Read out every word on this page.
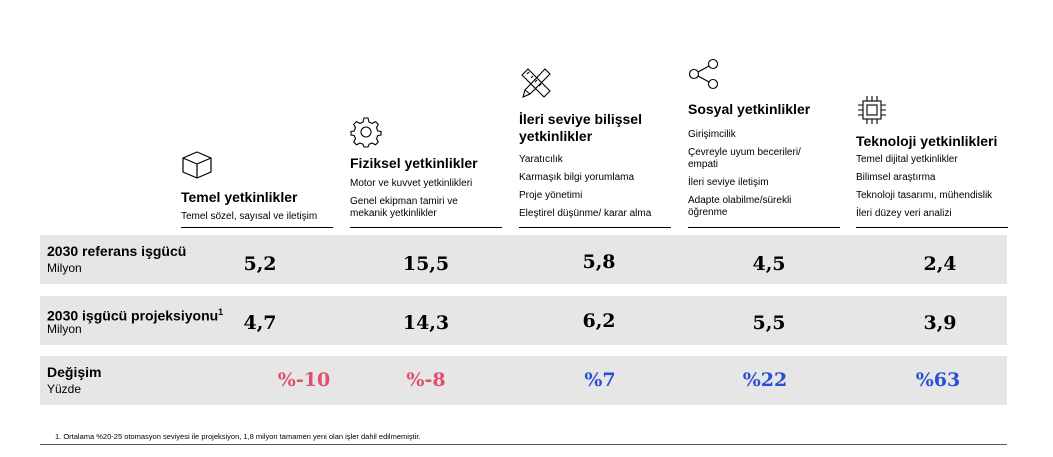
Temel yetkinlikler
Temel sözel, sayısal ve iletişim
Fiziksel yetkinlikler
Motor ve kuvvet yetkinlikleri
Genel ekipman tamiri ve mekanik yetkinlikler
İleri seviye bilişsel yetkinlikler
Yaratıcılık
Karmaşık bilgi yorumlama
Proje yönetimi
Eleştirel düşünme/ karar alma
Sosyal yetkinlikler
Girişimcilik
Çevreyle uyum becerileri/ empati
İleri seviye iletişim
Adapte olabilme/sürekli öğrenme
Teknoloji yetkinlikleri
Temel dijital yetkinlikler
Bilimsel araştırma
Teknoloji tasarımı, mühendislik
İleri düzey veri analizi
2030 referans işgücü
Milyon	5,2	15,5	5,8	4,5	2,4
2030 işgücü projeksiyonu$^1$
Milyon	4,7	14,3	6,2	5,5	3,9
Değişim
Yüzde	%-10	%-8	%7	%22	%63
1. Ortalama %20-25 otomasyon seviyesi ile projeksiyon, 1,8 milyon tamamen yeni olan işler dahil edilmemiştir.
